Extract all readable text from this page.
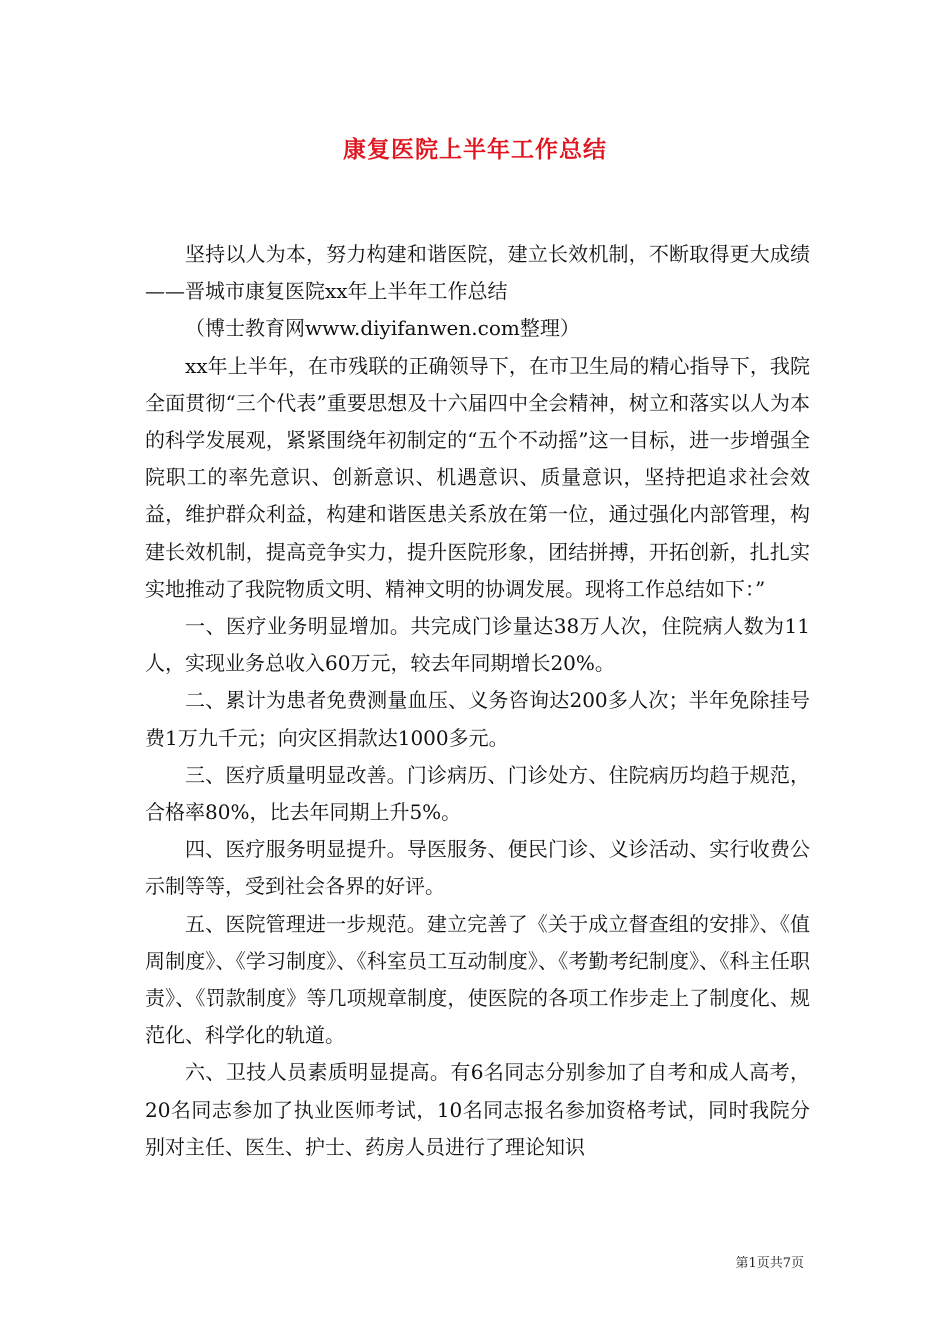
康复医院上半年工作总结

坚持以人为本，努力构建和谐医院，建立长效机制，不断取得更大成绩——晋城市康复医院xx年上半年工作总结

（博士教育网www.diyifanwen.com整理）

xx年上半年，在市残联的正确领导下，在市卫生局的精心指导下，我院全面贯彻“三个代表”重要思想及十六届四中全会精神，树立和落实以人为本的科学发展观，紧紧围绕年初制定的“五个不动摇”这一目标，进一步增强全院职工的率先意识、创新意识、机遇意识、质量意识，坚持把追求社会效益，维护群众利益，构建和谐医患关系放在第一位，通过强化内部管理，构建长效机制，提高竞争实力，提升医院形象，团结拼搏，开拓创新，扎扎实实地推动了我院物质文明、精神文明的协调发展。现将工作总结如下：”

一、医疗业务明显增加。共完成门诊量达38万人次，住院病人数为11人，实现业务总收入60万元，较去年同期增长20%。

二、累计为患者免费测量血压、义务咨询达200多人次；半年免除挂号费1万九千元；向灾区捐款达1000多元。

三、医疗质量明显改善。门诊病历、门诊处方、住院病历均趋于规范，合格率80%，比去年同期上升5%。

四、医疗服务明显提升。导医服务、便民门诊、义诊活动、实行收费公示制等等，受到社会各界的好评。

五、医院管理进一步规范。建立完善了《关于成立督查组的安排》、《值周制度》、《学习制度》、《科室员工互动制度》、《考勤考纪制度》、《科主任职责》、《罚款制度》等几项规章制度，使医院的各项工作步走上了制度化、规范化、科学化的轨道。

六、卫技人员素质明显提高。有6名同志分别参加了自考和成人高考，20名同志参加了执业医师考试，10名同志报名参加资格考试，同时我院分别对主任、医生、护士、药房人员进行了理论知识

第1页共7页
